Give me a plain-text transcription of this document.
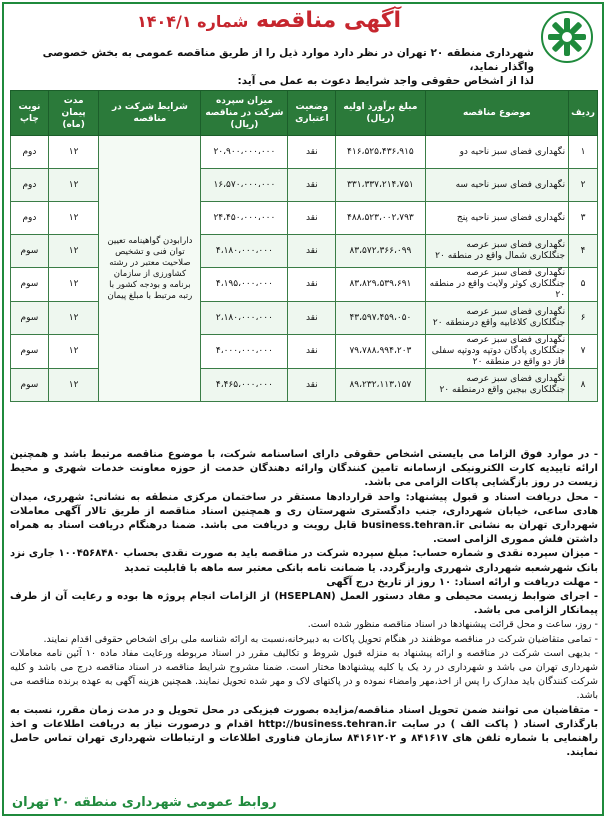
آگهی مناقصه شماره ۱۴۰۴/۱
شهرداری منطقه ۲۰ تهران در نظر دارد موارد ذیل را از طریق مناقصه عمومی به بخش خصوصی واگذار نماید،
لذا از اشخاص حقوقی واجد شرایط دعوت به عمل می آید:
ردیف	موضوع مناقصه	مبلغ برآورد اولیه (ریال)	وضعیت اعتباری	میزان سپرده شرکت در مناقصه (ریال)	شرایط شرکت در مناقصه	مدت پیمان (ماه)	نوبت چاپ
۱	نگهداری فضای سبز ناحیه دو	۴۱۶،۵۲۵،۴۳۶،۹۱۵	نقد	۲۰،۹۰۰،۰۰۰،۰۰۰	دارابودن گواهینامه تعیین توان فنی و تشخیص صلاحیت معتبر در رشته کشاورزی از سازمان برنامه و بودجه کشور با رتبه مرتبط با مبلغ پیمان	۱۲	دوم
۲	نگهداری فضای سبز ناحیه سه	۳۳۱،۳۳۷،۲۱۴،۷۵۱	نقد	۱۶،۵۷۰،۰۰۰،۰۰۰		۱۲	دوم
۳	نگهداری فضای سبز ناحیه پنج	۴۸۸،۵۲۳،۰۰۲،۷۹۳	نقد	۲۴،۴۵۰،۰۰۰،۰۰۰		۱۲	دوم
۴	نگهداری فضای سبز عرصه جنگلکاری شمال واقع در منطقه ۲۰	۸۳،۵۷۲،۳۶۶،۰۹۹	نقد	۴،۱۸۰،۰۰۰،۰۰۰		۱۲	سوم
۵	نگهداری فضای سبز عرصه جنگلکاری کوثر ولایت واقع در منطقه ۲۰	۸۳،۸۲۹،۵۳۹،۶۹۱	نقد	۴،۱۹۵،۰۰۰،۰۰۰		۱۲	سوم
۶	نگهداری فضای سبز عرصه جنگلکاری کلاغابیه واقع درمنطقه ۲۰	۴۳،۵۹۷،۴۵۹،۰۵۰	نقد	۲،۱۸۰،۰۰۰،۰۰۰		۱۲	سوم
۷	نگهداری فضای سبز عرصه جنگلکاری پادگان دوتپه ودوتپه سفلی فاز دو واقع در منطقه ۲۰	۷۹،۷۸۸،۹۹۴،۲۰۳	نقد	۴،۰۰۰،۰۰۰،۰۰۰		۱۲	سوم
۸	نگهداری فضای سبز عرصه جنگلکاری بیجین واقع درمنطقه ۲۰	۸۹،۲۳۲،۱۱۳،۱۵۷	نقد	۴،۴۶۵،۰۰۰،۰۰۰		۱۲	سوم

- در موارد فوق الزاما می بایستی اشخاص حقوقی دارای اساسنامه شرکت، با موضوع مناقصه مرتبط باشد و همچنین ارائه تاییدیه کارت الکترونیکی ازسامانه تامین کنندگان وارائه دهندگان خدمت از حوزه معاونت خدمات شهری و محیط زیست در روز بازگشایی پاکات الزامی می باشد.

- محل دریافت اسناد و قبول پیشنهاد: واحد قراردادها مستقر در ساختمان مرکزی منطقه به نشانی: شهرری، میدان هادی ساعی، خیابان شهرداری، جنب دادگستری شهرستان ری و همچنین اسناد مناقصه از طریق تالار آگهی معاملات شهرداری تهران به نشانی business.tehran.ir قابل رویت و دریافت می باشد. ضمنا درهنگام دریافت اسناد به همراه داشتن فلش مموری الزامی است.

- میزان سپرده نقدی و شماره حساب: مبلغ سپرده شرکت در مناقصه باید به صورت نقدی بحساب ۱۰۰۴۵۶۸۴۸۰ جاری نزد بانک شهرشعبه شهرداری شهرری واریزگردد. یا ضمانت نامه بانکی معتبر سه ماهه با قابلیت تمدید

- مهلت دریافت و ارائه اسناد: ۱۰ روز از تاریخ درج آگهی

- اجرای ضوابط زیست محیطی و مفاد دستور العمل (HSEPLAN) از الزامات انجام پروژه ها بوده و رعایت آن از طرف پیمانکار الزامی می باشد.

- روز، ساعت و محل قرائت پیشنهادها در اسناد مناقصه منظور شده است.

- تمامی متقاضیان شرکت در مناقصه موظفند در هنگام تحویل پاکات به دبیرخانه،نسبت به ارائه شناسه ملی برای اشخاص حقوقی اقدام نمایند.

- بدیهی است شرکت در مناقصه و ارائه پیشنهاد به منزله قبول شروط و تکالیف مقرر در اسناد مربوطه ورعایت مفاد ماده ۱۰ آئین نامه معاملات شهرداری تهران می باشد و شهرداری در رد یک یا کلیه پیشنهادها مختار است. ضمنا مشروح شرایط مناقصه در اسناد مناقصه درج می باشد و کلیه شرکت کنندگان باید مدارک را پس از اخذ،مهر وامضاء نموده و در پاکتهای لاک و مهر شده تحویل نمایند. همچنین هزینه آگهی به عهده برنده مناقصه می باشد.

- متقاضیان می توانند ضمن تحویل اسناد مناقصه/مزایده بصورت فیزیکی در محل تحویل و در مدت زمان مقرر، نسبت به بارگذاری اسناد ( پاکت الف ) در سایت http://business.tehran.ir اقدام و درصورت نیاز به دریافت اطلاعات و اخذ راهنمایی با شماره تلفن های ۸۴۱۶۱۷ و ۸۴۱۶۱۲۰۲ سازمان فناوری اطلاعات و ارتباطات شهرداری تهران تماس حاصل نمایند.

روابط عمومی شهرداری منطقه ۲۰ تهران
